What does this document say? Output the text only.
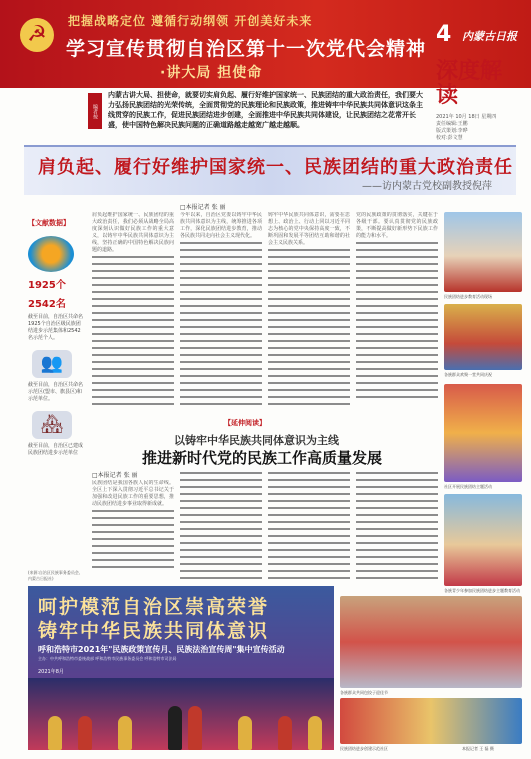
☭
把握战略定位 遵循行动纲领 开创美好未来
学习宣传贯彻自治区第十一次党代会精神
·讲大局 担使命
4 内蒙古日报
深度解读
2021年 10月 18日 星期四
责任编辑:王鹏
版式策划:李晔
校对:彭文慧
编者按
内蒙古讲大局、担使命，就要切实肩负起、履行好维护国家统一、民族团结的重大政治责任，我们要大力弘扬民族团结的光荣传统，全面贯彻党的民族理论和民族政策，推进铸牢中华民族共同体意识这条主线贯穿的民族工作，促进民族团结进步创建，全面推进中华民族共同体建设，让民族团结之花常开长盛，使中国特色解决民族问题的正确道路越走越宽广越走越顺。
肩负起、履行好维护国家统一、民族团结的重大政治责任
——访内蒙古党校副教授倪萍
【文献数据】
1925个
2542名
截至目前，自治区共命名1925个自治区级民族团结进步示范集体和2542名示范个人。
👥
截至目前，自治区共命名示范区(盟市、旗县区)和示范单位。
🏘
截至目前，自治区已建成民族团结进步示范单位
(来源:自治区民族事务委员会、内蒙古日报社)
□本报记者 张 丽
肩负起维护国家统一、民族团结的重大政治责任，我们必须从战略全局高度深刻认识做好民族工作的重大意义，以铸牢中华民族共同体意识为主线，坚持正确的中国特色解决民族问题的道路。
今年以来，自治区党委以铸牢中华民族共同体意识为主线，统筹推进各项工作，深化民族团结进步教育，推动各民族共同走向社会主义现代化。
铸牢中华民族共同体意识，需要在思想上、政治上、行动上同以习近平同志为核心的党中央保持高度一致，不断巩固和发展平等团结互助和谐的社会主义民族关系。
党的民族政策的贯彻落实，关键在于各级干部。要认真贯彻党的民族政策，不断提高做好新形势下民族工作的能力和水平。
民族团结进步教育活动现场
各族群众欢聚一堂共同庆祝
社区开展民族团结主题活动
各族青少年参加民族团结进步主题教育活动
【延伸阅读】
以铸牢中华民族共同体意识为主线
推进新时代党的民族工作高质量发展
□本报记者 张 丽
民族团结是我国各族人民的生命线。全区上下深入贯彻习近平总书记关于加强和改进民族工作的重要思想，推动民族团结进步事业取得新成就。
各族群众共同包饺子迎佳节
民族团结进步创建示范社区	本报记者 王 磊 摄
呵护模范自治区崇高荣誉
铸牢中华民族共同体意识
呼和浩特市2021年"民族政策宣传月、民族法治宣传周"集中宣传活动
主办：中共呼和浩特市委统战部 呼和浩特市民族事务委员会 呼和浩特市司法局
2021年8月
